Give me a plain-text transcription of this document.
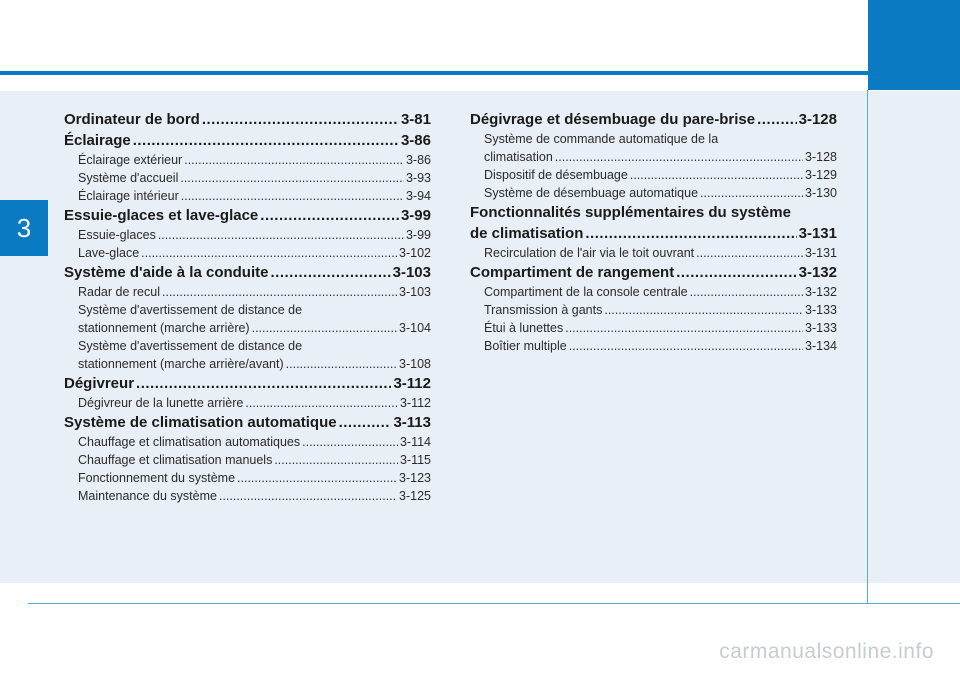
3
Ordinateur de bord .....	3-81
Éclairage .....	3-86
Éclairage extérieur .....	3-86
Système d'accueil .....	3-93
Éclairage intérieur .....	3-94
Essuie-glaces et lave-glace .....	3-99
Essuie-glaces .....	3-99
Lave-glace .....	3-102
Système d'aide à la conduite .....	3-103
Radar de recul .....	3-103
Système d'avertissement de distance de
stationnement (marche arrière) .....	3-104
Système d'avertissement de distance de
stationnement (marche arrière/avant) .....	3-108
Dégivreur .....	3-112
Dégivreur de la lunette arrière .....	3-112
Système de climatisation automatique .....	3-113
Chauffage et climatisation automatiques .....	3-114
Chauffage et climatisation manuels .....	3-115
Fonctionnement du système .....	3-123
Maintenance du système .....	3-125
Dégivrage et désembuage du pare-brise .....	3-128
Système de commande automatique de la
climatisation .....	3-128
Dispositif de désembuage .....	3-129
Système de désembuage automatique .....	3-130
Fonctionnalités supplémentaires du système
de climatisation .....	3-131
Recirculation de l'air via le toit ouvrant .....	3-131
Compartiment de rangement .....	3-132
Compartiment de la console centrale .....	3-132
Transmission à gants .....	3-133
Étui à lunettes .....	3-133
Boîtier multiple .....	3-134
carmanualsonline.info
